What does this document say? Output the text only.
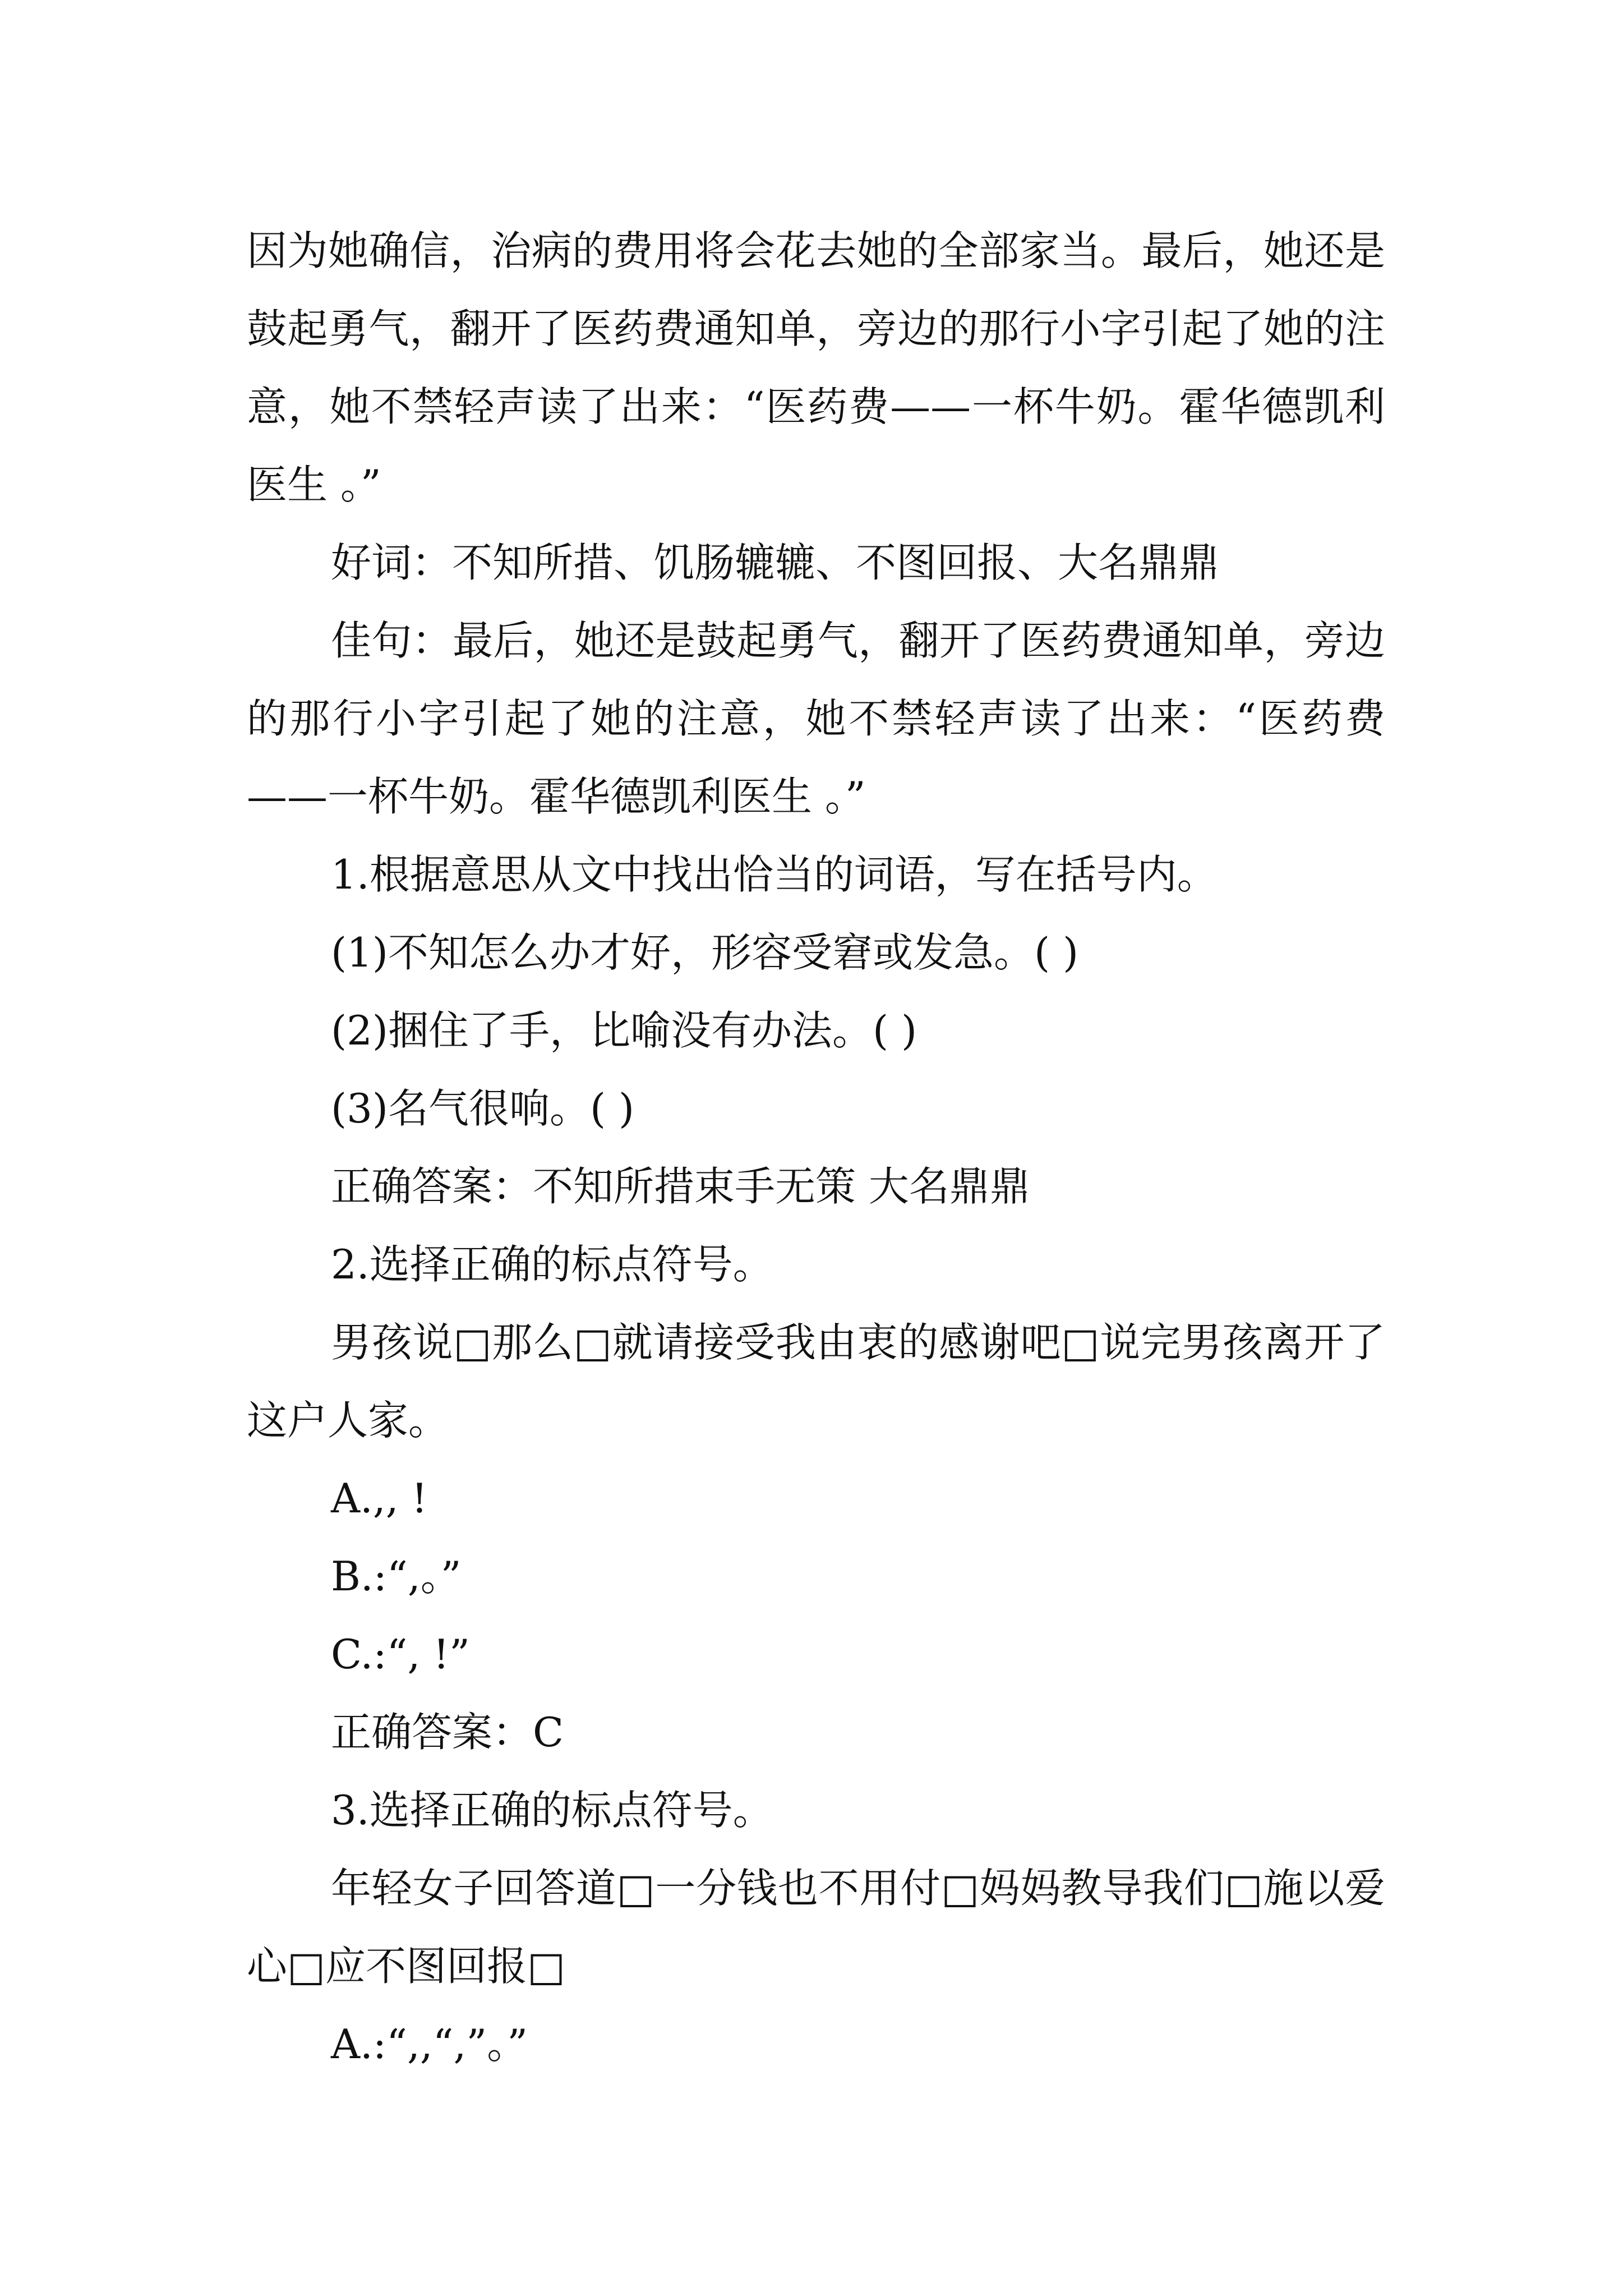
因为她确信，治病的费用将会花去她的全部家当。最后，她还是鼓起勇气，翻开了医药费通知单，旁边的那行小字引起了她的注意，她不禁轻声读了出来：“医药费——一杯牛奶。霍华德凯利医生 。”

好词：不知所措、饥肠辘辘、不图回报、大名鼎鼎

佳句：最后，她还是鼓起勇气，翻开了医药费通知单，旁边的那行小字引起了她的注意，她不禁轻声读了出来：“医药费——一杯牛奶。霍华德凯利医生 。”

1.根据意思从文中找出恰当的词语，写在括号内。

(1)不知怎么办才好，形容受窘或发急。( )

(2)捆住了手，比喻没有办法。( )

(3)名气很响。( )

正确答案：不知所措束手无策 大名鼎鼎

2.选择正确的标点符号。

男孩说□那么□就请接受我由衷的感谢吧□说完男孩离开了这户人家。

A.,, !

B.:“,。”

C.:“, !”

正确答案：C

3.选择正确的标点符号。

年轻女子回答道□一分钱也不用付□妈妈教导我们□施以爱心□应不图回报□

A.:“,,“,”。”
